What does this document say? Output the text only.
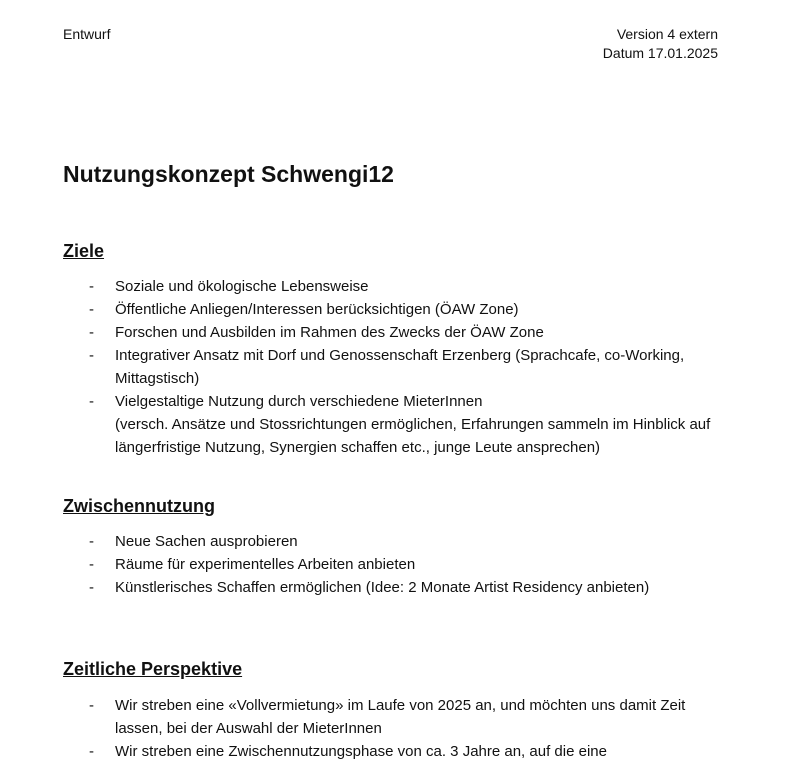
Entwurf	Version 4 extern
Datum 17.01.2025
Nutzungskonzept Schwengi12
Ziele
- Soziale und ökologische Lebensweise
- Öffentliche Anliegen/Interessen berücksichtigen (ÖAW Zone)
- Forschen und Ausbilden im Rahmen des Zwecks der ÖAW Zone
- Integrativer Ansatz mit Dorf und Genossenschaft Erzenberg (Sprachcafe, co-Working, Mittagstisch)
- Vielgestaltige Nutzung durch verschiedene MieterInnen
(versch. Ansätze und Stossrichtungen ermöglichen, Erfahrungen sammeln im Hinblick auf längerfristige Nutzung, Synergien schaffen etc., junge Leute ansprechen)
Zwischennutzung
- Neue Sachen ausprobieren
- Räume für experimentelles Arbeiten anbieten
- Künstlerisches Schaffen ermöglichen (Idee: 2 Monate Artist Residency anbieten)
Zeitliche Perspektive
- Wir streben eine «Vollvermietung» im Laufe von 2025 an, und möchten uns damit Zeit lassen, bei der Auswahl der MieterInnen
- Wir streben eine Zwischennutzungsphase von ca. 3 Jahre an, auf die eine
